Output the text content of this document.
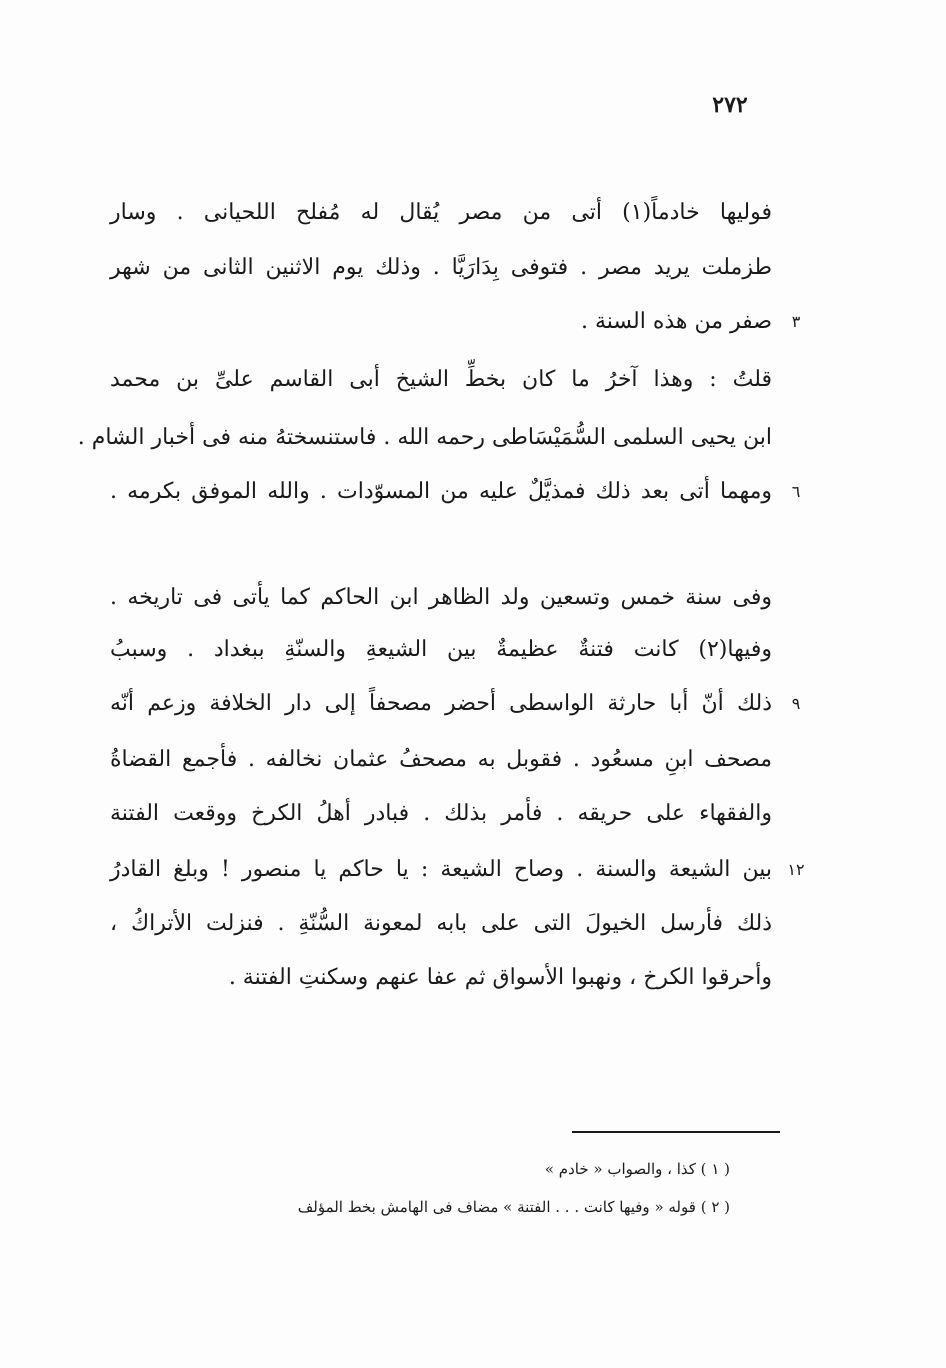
٢٧٢
فوليها خادماً(١) أتى من مصر يُقال له مُفلح اللحيانى . وسار
طزملت يريد مصر . فتوفى بِدَارَيَّا . وذلك يوم الاثنين الثانى من شهر
صفر من هذه السنة .	٣
قلتُ : وهذا آخرُ ما كان بخطِّ الشيخ أبى القاسم علىِّ بن محمد
ابن يحيى السلمى السُّمَيْسَاطى رحمه الله . فاستنسختهُ منه فى أخبار الشام .
ومهما أتى بعد ذلك فمذيَّلٌ عليه من المسوّدات . والله الموفق بكرمه .	٦
وفى سنة خمس وتسعين ولد الظاهر ابن الحاكم كما يأتى فى تاريخه .
وفيها(٢) كانت فتنةٌ عظيمةٌ بين الشيعةِ والسنّةِ ببغداد . وسببُ
ذلك أنّ أبا حارثة الواسطى أحضر مصحفاً إلى دار الخلافة وزعم أنّه	٩
مصحف ابنِ مسعُود . فقوبل به مصحفُ عثمان نخالفه . فأجمع القضاةُ
والفقهاء على حريقه . فأمر بذلك . فبادر أهلُ الكرخ ووقعت الفتنة
بين الشيعة والسنة . وصاح الشيعة : يا حاكم يا منصور ! وبلغ القادرُ ١٢
ذلك فأرسل الخيولَ التى على بابه لمعونة السُّنّةِ . فنزلت الأتراكُ ،
وأحرقوا الكرخ ، ونهبوا الأسواق ثم عفا عنهم وسكنتِ الفتنة .
( ١ ) كذا ، والصواب « خادم »
( ٢ ) قوله « وفيها كانت . . . الفتنة » مضاف فى الهامش بخط المؤلف
